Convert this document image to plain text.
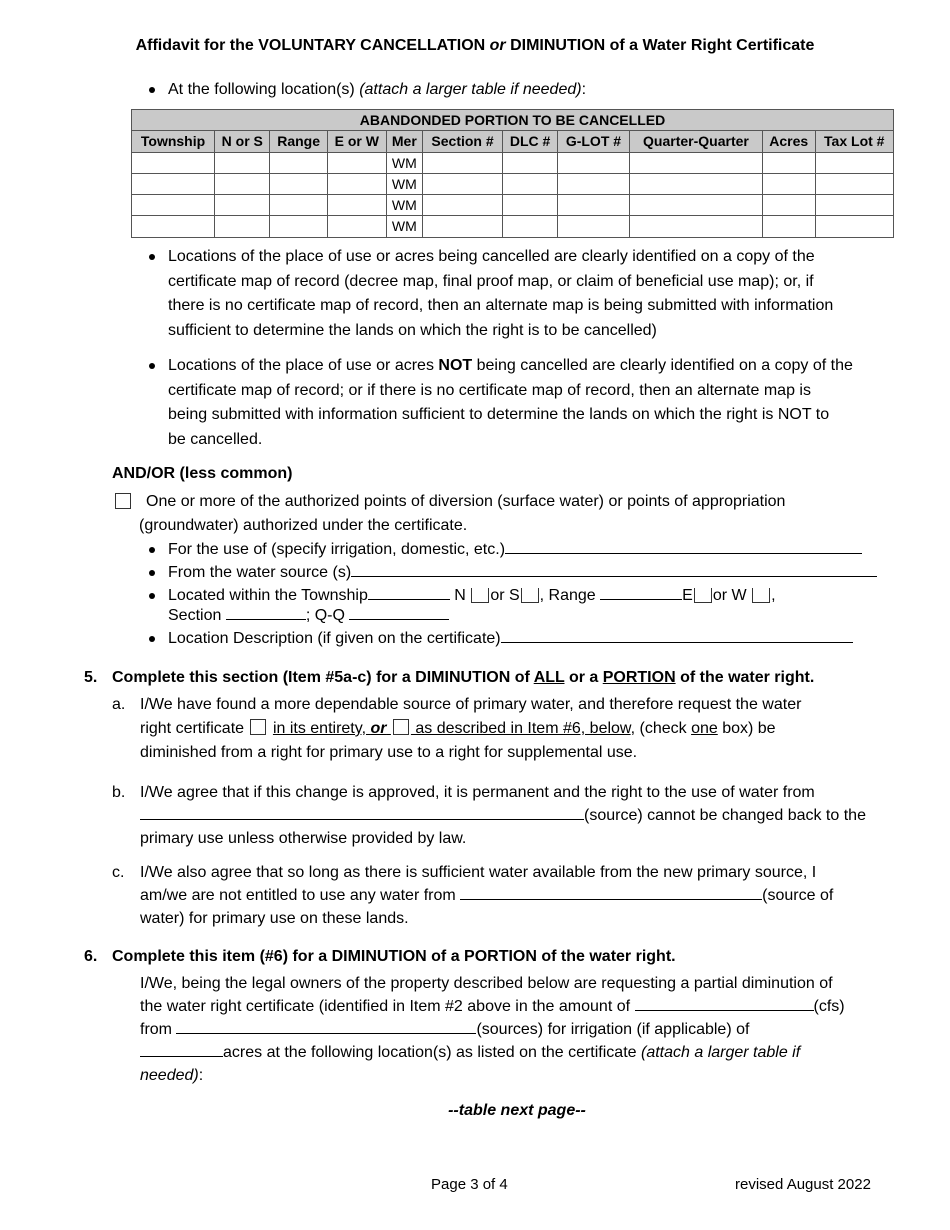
Affidavit for the VOLUNTARY CANCELLATION or DIMINUTION of a Water Right Certificate
At the following location(s) (attach a larger table if needed):
ABANDONDED PORTION TO BE CANCELLED										
Township	N or S	Range	E or W	Mer	Section #	DLC #	G-LOT #	Quarter-Quarter	Acres	Tax Lot #
				WM						
				WM						
				WM						
				WM						
Locations of the place of use or acres being cancelled are clearly identified on a copy of the
certificate map of record (decree map, final proof map, or claim of beneficial use map); or, if
there is no certificate map of record, then an alternate map is being submitted with information
sufficient to determine the lands on which the right is to be cancelled)
Locations of the place of use or acres NOT being cancelled are clearly identified on a copy of the
certificate map of record; or if there is no certificate map of record, then an alternate map is
being submitted with information sufficient to determine the lands on which the right is NOT to
be cancelled.
AND/OR (less common)
One or more of the authorized points of diversion (surface water) or points of appropriation
(groundwater) authorized under the certificate.
For the use of (specify irrigation, domestic, etc.)
From the water source (s)
Located within the Township	N or S , Range	E or W ,
Section	; Q-Q
Location Description (if given on the certificate)
5. Complete this section (Item #5a-c) for a DIMINUTION of ALL or a PORTION of the water right.
a. I/We have found a more dependable source of primary water, and therefore request the water
right certificate  in its entirety, or  as described in Item #6, below, (check one box) be
diminished from a right for primary use to a right for supplemental use.
b. I/We agree that if this change is approved, it is permanent and the right to the use of water from
(source) cannot be changed back to the
primary use unless otherwise provided by law.
c. I/We also agree that so long as there is sufficient water available from the new primary source, I
am/we are not entitled to use any water from	(source of
water) for primary use on these lands.
6. Complete this item (#6) for a DIMINUTION of a PORTION of the water right.
I/We, being the legal owners of the property described below are requesting a partial diminution of
the water right certificate (identified in Item #2 above in the amount of	(cfs)
from	(sources) for irrigation (if applicable) of
acres at the following location(s) as listed on the certificate (attach a larger table if
needed):
--table next page--
Page 3 of 4	revised August 2022
